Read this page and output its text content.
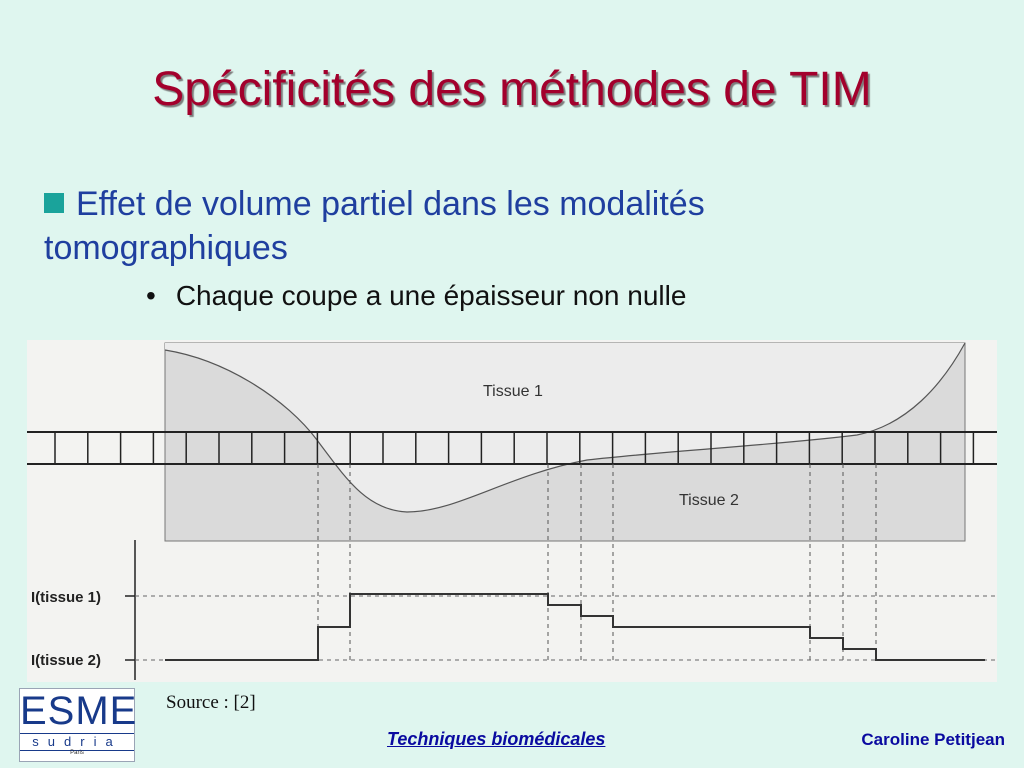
Spécificités des méthodes de TIM
Effet de volume partiel dans les modalités tomographiques
• Chaque coupe a une épaisseur non nulle
Tissue 1
Tissue 2
I(tissue 1)
I(tissue 2)
Source : [2]
ESME
sudria
Paris
Techniques biomédicales	Caroline Petitjean
